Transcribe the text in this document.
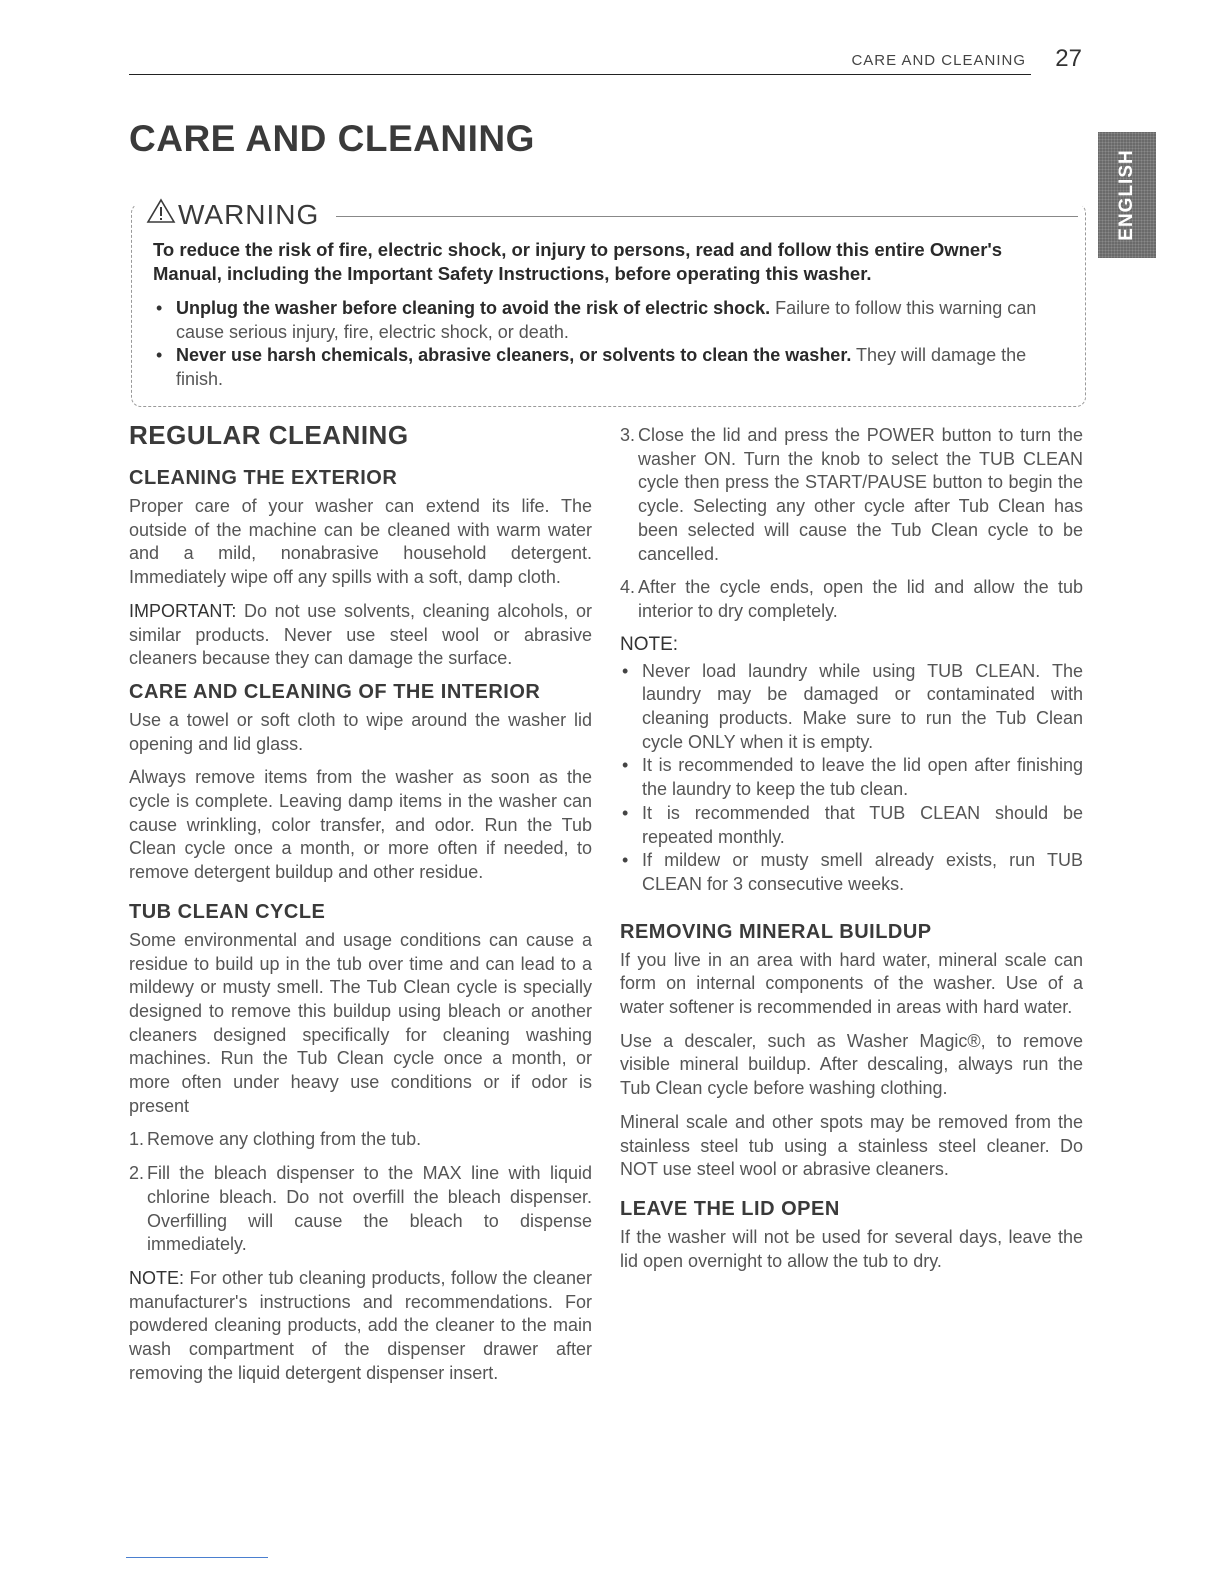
CARE AND CLEANING 27
ENGLISH
CARE AND CLEANING
WARNING
To reduce the risk of fire, electric shock, or injury to persons, read and follow this entire Owner's Manual, including the Important Safety Instructions, before operating this washer.
• Unplug the washer before cleaning to avoid the risk of electric shock. Failure to follow this warning can cause serious injury, fire, electric shock, or death.
• Never use harsh chemicals, abrasive cleaners, or solvents to clean the washer. They will damage the finish.
REGULAR CLEANING
CLEANING THE EXTERIOR

Proper care of your washer can extend its life. The outside of the machine can be cleaned with warm water and a mild, nonabrasive household detergent. Immediately wipe off any spills with a soft, damp cloth.

IMPORTANT: Do not use solvents, cleaning alcohols, or similar products. Never use steel wool or abrasive cleaners because they can damage the surface.

CARE AND CLEANING OF THE INTERIOR

Use a towel or soft cloth to wipe around the washer lid opening and lid glass.

Always remove items from the washer as soon as the cycle is complete. Leaving damp items in the washer can cause wrinkling, color transfer, and odor. Run the Tub Clean cycle once a month, or more often if needed, to remove detergent buildup and other residue.

TUB CLEAN CYCLE

Some environmental and usage conditions can cause a residue to build up in the tub over time and can lead to a mildewy or musty smell. The Tub Clean cycle is specially designed to remove this buildup using bleach or another cleaners designed specifically for cleaning washing machines. Run the Tub Clean cycle once a month, or more often under heavy use conditions or if odor is present

1. Remove any clothing from the tub.
2. Fill the bleach dispenser to the MAX line with liquid chlorine bleach. Do not overfill the bleach dispenser. Overfilling will cause the bleach to dispense immediately.

NOTE: For other tub cleaning products, follow the cleaner manufacturer's instructions and recommendations. For powdered cleaning products, add the cleaner to the main wash compartment of the dispenser drawer after removing the liquid detergent dispenser insert.

3. Close the lid and press the POWER button to turn the washer ON. Turn the knob to select the TUB CLEAN cycle then press the START/PAUSE button to begin the cycle. Selecting any other cycle after Tub Clean has been selected will cause the Tub Clean cycle to be cancelled.
4. After the cycle ends, open the lid and allow the tub interior to dry completely.
NOTE:
• Never load laundry while using TUB CLEAN. The laundry may be damaged or contaminated with cleaning products. Make sure to run the Tub Clean cycle ONLY when it is empty.
• It is recommended to leave the lid open after finishing the laundry to keep the tub clean.
• It is recommended that TUB CLEAN should be repeated monthly.
• If mildew or musty smell already exists, run TUB CLEAN for 3 consecutive weeks.
REMOVING MINERAL BUILDUP

If you live in an area with hard water, mineral scale can form on internal components of the washer. Use of a water softener is recommended in areas with hard water.

Use a descaler, such as Washer Magic®, to remove visible mineral buildup. After descaling, always run the Tub Clean cycle before washing clothing.

Mineral scale and other spots may be removed from the stainless steel tub using a stainless steel cleaner. Do NOT use steel wool or abrasive cleaners.

LEAVE THE LID OPEN

If the washer will not be used for several days, leave the lid open overnight to allow the tub to dry.
